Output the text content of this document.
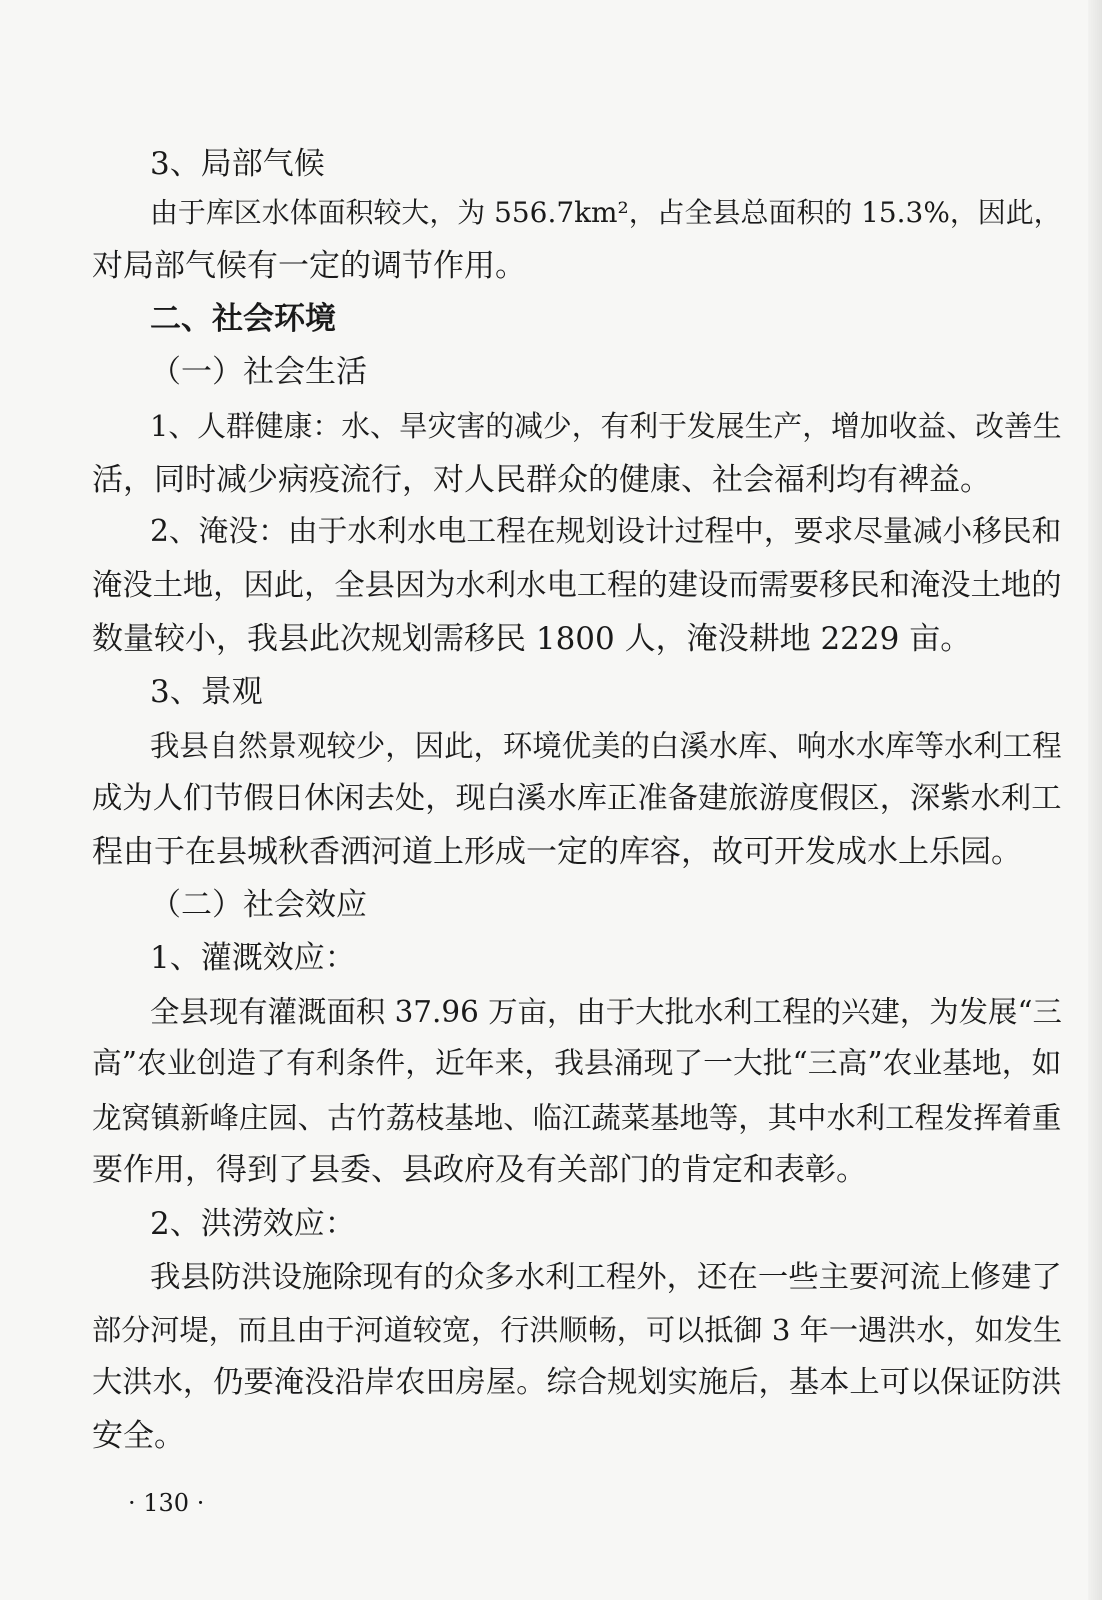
3、局部气候

由于库区水体面积较大，为 556.7km²，占全县总面积的 15.3%，因此，

对局部气候有一定的调节作用。

二、社会环境

（一）社会生活

1、人群健康：水、旱灾害的减少，有利于发展生产，增加收益、改善生

活，同时减少病疫流行，对人民群众的健康、社会福利均有裨益。

2、淹没：由于水利水电工程在规划设计过程中，要求尽量减小移民和

淹没土地，因此，全县因为水利水电工程的建设而需要移民和淹没土地的

数量较小，我县此次规划需移民 1800 人，淹没耕地 2229 亩。

3、景观

我县自然景观较少，因此，环境优美的白溪水库、响水水库等水利工程

成为人们节假日休闲去处，现白溪水库正准备建旅游度假区，深紫水利工

程由于在县城秋香洒河道上形成一定的库容，故可开发成水上乐园。

（二）社会效应

1、灌溉效应：

全县现有灌溉面积 37.96 万亩，由于大批水利工程的兴建，为发展“三

高”农业创造了有利条件，近年来，我县涌现了一大批“三高”农业基地，如

龙窝镇新峰庄园、古竹荔枝基地、临江蔬菜基地等，其中水利工程发挥着重

要作用，得到了县委、县政府及有关部门的肯定和表彰。

2、洪涝效应：

我县防洪设施除现有的众多水利工程外，还在一些主要河流上修建了

部分河堤，而且由于河道较宽，行洪顺畅，可以抵御 3 年一遇洪水，如发生

大洪水，仍要淹没沿岸农田房屋。综合规划实施后，基本上可以保证防洪

安全。

· 130 ·
